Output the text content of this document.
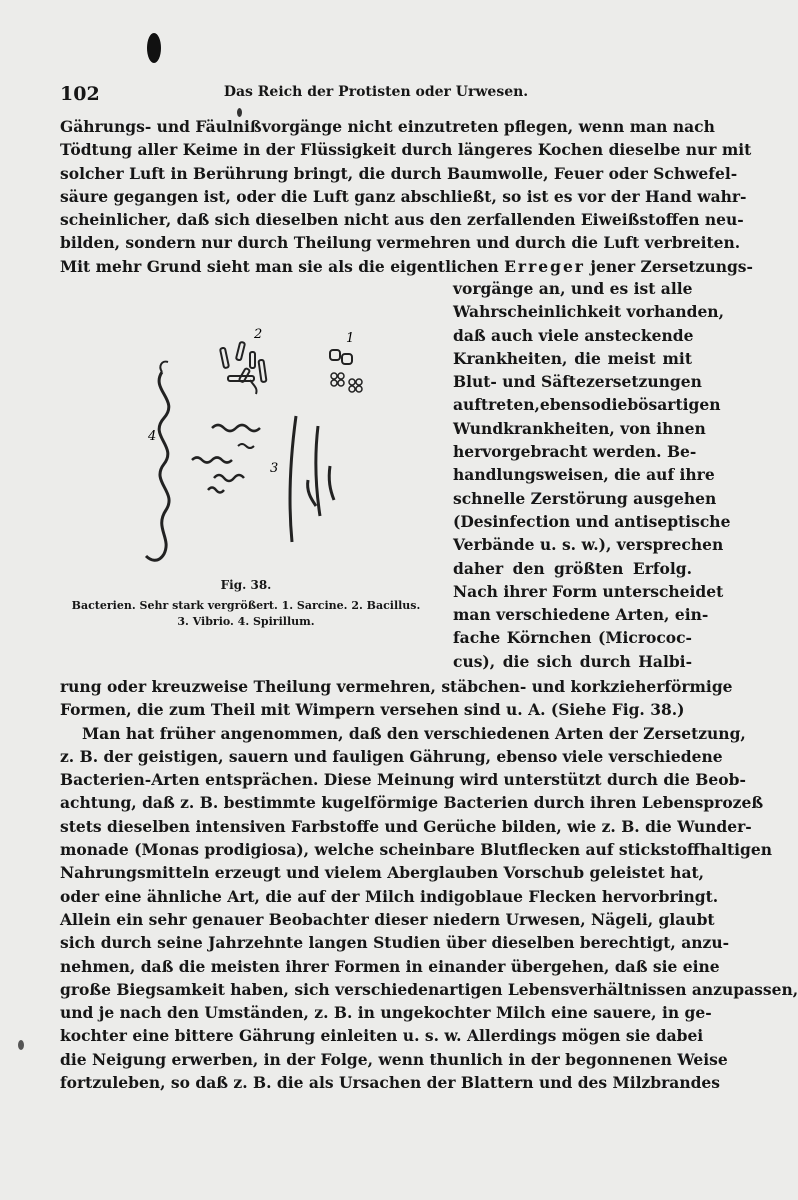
102	Das Reich der Protisten oder Urwesen.
Gährungs- und Fäulnißvorgänge nicht einzutreten pflegen, wenn man nach
Tödtung aller Keime in der Flüssigkeit durch längeres Kochen dieselbe nur mit
solcher Luft in Berührung bringt, die durch Baumwolle, Feuer oder Schwefel-
säure gegangen ist, oder die Luft ganz abschließt, so ist es vor der Hand wahr-
scheinlicher, daß sich dieselben nicht aus den zerfallenden Eiweißstoffen neu-
bilden, sondern nur durch Theilung vermehren und durch die Luft verbreiten.
Mit mehr Grund sieht man sie als die eigentlichen Erreger jener Zersetzungs-
1
2
3
4
Fig. 38.
Bacterien. Sehr stark vergrößert. 1. Sarcine. 2. Bacillus.
3. Vibrio. 4. Spirillum.
vorgänge an, und es ist alle
Wahrscheinlichkeit vorhanden,
daß auch viele ansteckende
Krankheiten, die meist mit
Blut- und Säftezersetzungen
auftreten,ebensodiebösartigen
Wundkrankheiten, von ihnen
hervorgebracht werden. Be-
handlungsweisen, die auf ihre
schnelle Zerstörung ausgehen
(Desinfection und antiseptische
Verbände u. s. w.), versprechen
daher den größten Erfolg.
Nach ihrer Form unterscheidet
man verschiedene Arten, ein-
fache Körnchen (Micrococ-
cus), die sich durch Halbi-
rung oder kreuzweise Theilung vermehren, stäbchen- und korkzieherförmige
Formen, die zum Theil mit Wimpern versehen sind u. A. (Siehe Fig. 38.)
Man hat früher angenommen, daß den verschiedenen Arten der Zersetzung,
z. B. der geistigen, sauern und fauligen Gährung, ebenso viele verschiedene
Bacterien-Arten entsprächen. Diese Meinung wird unterstützt durch die Beob-
achtung, daß z. B. bestimmte kugelförmige Bacterien durch ihren Lebensprozeß
stets dieselben intensiven Farbstoffe und Gerüche bilden, wie z. B. die Wunder-
monade (Monas prodigiosa), welche scheinbare Blutflecken auf stickstoffhaltigen
Nahrungsmitteln erzeugt und vielem Aberglauben Vorschub geleistet hat,
oder eine ähnliche Art, die auf der Milch indigoblaue Flecken hervorbringt.
Allein ein sehr genauer Beobachter dieser niedern Urwesen, Nägeli, glaubt
sich durch seine Jahrzehnte langen Studien über dieselben berechtigt, anzu-
nehmen, daß die meisten ihrer Formen in einander übergehen, daß sie eine
große Biegsamkeit haben, sich verschiedenartigen Lebensverhältnissen anzupassen,
und je nach den Umständen, z. B. in ungekochter Milch eine sauere, in ge-
kochter eine bittere Gährung einleiten u. s. w. Allerdings mögen sie dabei
die Neigung erwerben, in der Folge, wenn thunlich in der begonnenen Weise
fortzuleben, so daß z. B. die als Ursachen der Blattern und des Milzbrandes
